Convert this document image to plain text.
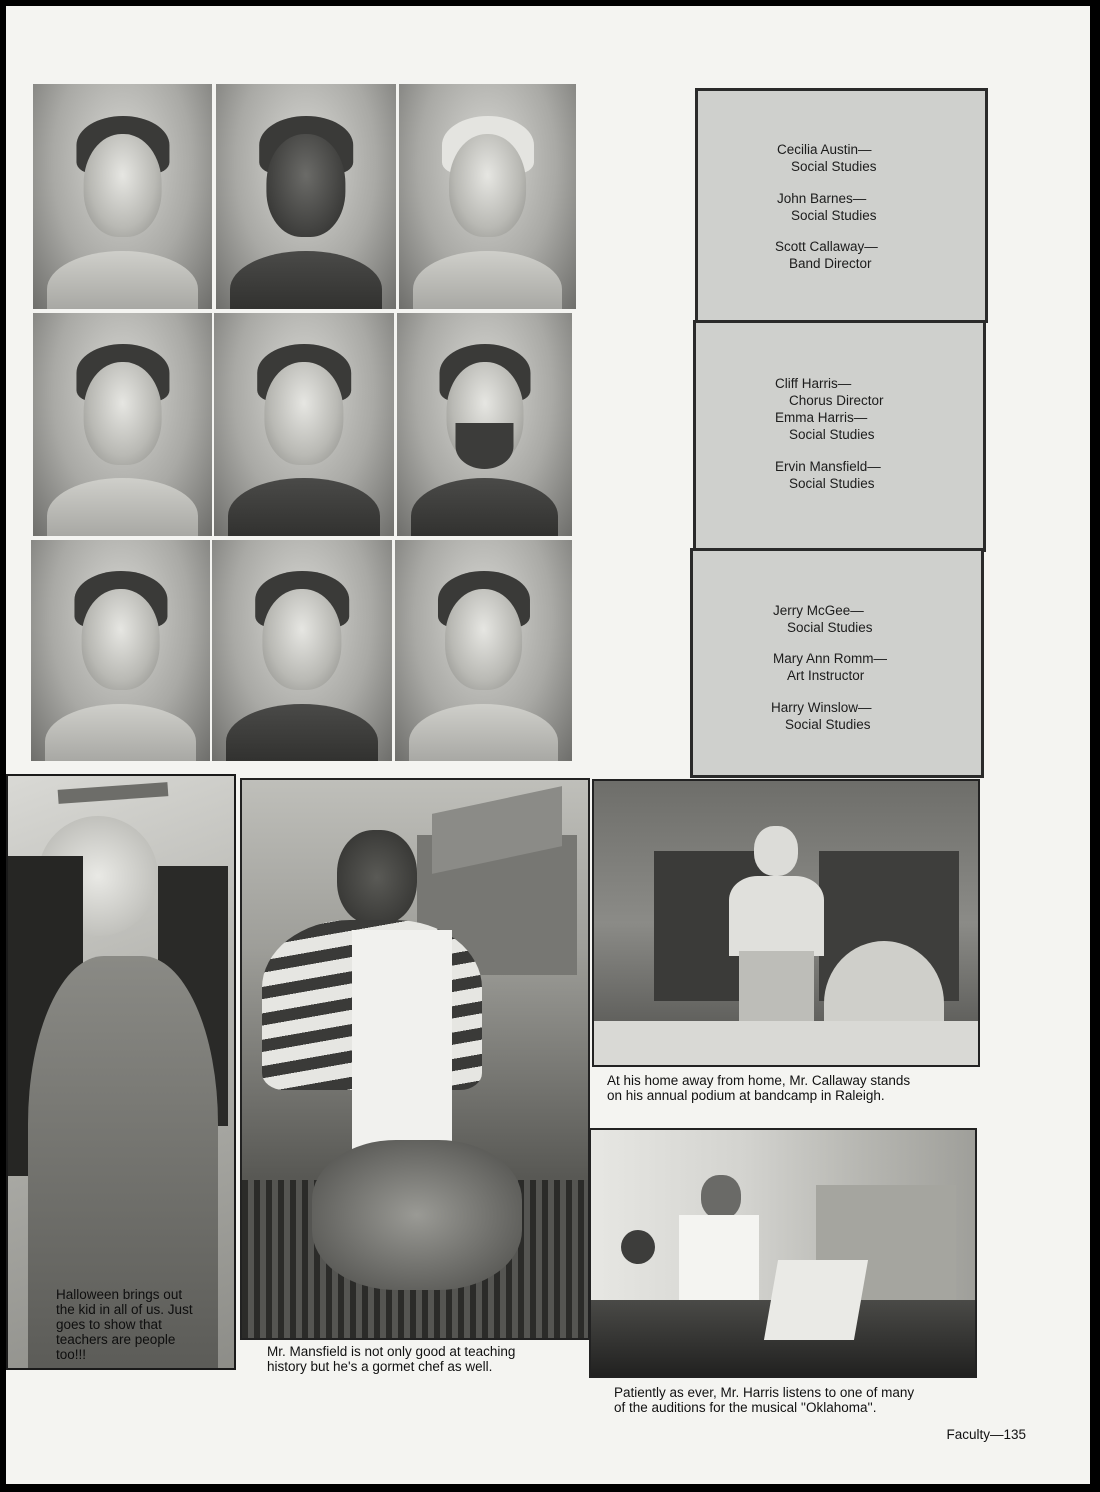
Cecilia Austin—
Social Studies
John Barnes—
Social Studies
Scott Callaway—
Band Director
Cliff Harris—
Chorus Director
Emma Harris—
Social Studies
Ervin Mansfield—
Social Studies
Jerry McGee—
Social Studies
Mary Ann Romm—
Art Instructor
Harry Winslow—
Social Studies
Halloween brings out
the kid in all of us. Just
goes to show that
teachers are people
too!!!	Mr. Mansfield is not only good at teaching
history but he's a gormet chef as well.
At his home away from home, Mr. Callaway stands
on his annual podium at bandcamp in Raleigh.
Patiently as ever, Mr. Harris listens to one of many
of the auditions for the musical ''Oklahoma''.
Faculty—135
